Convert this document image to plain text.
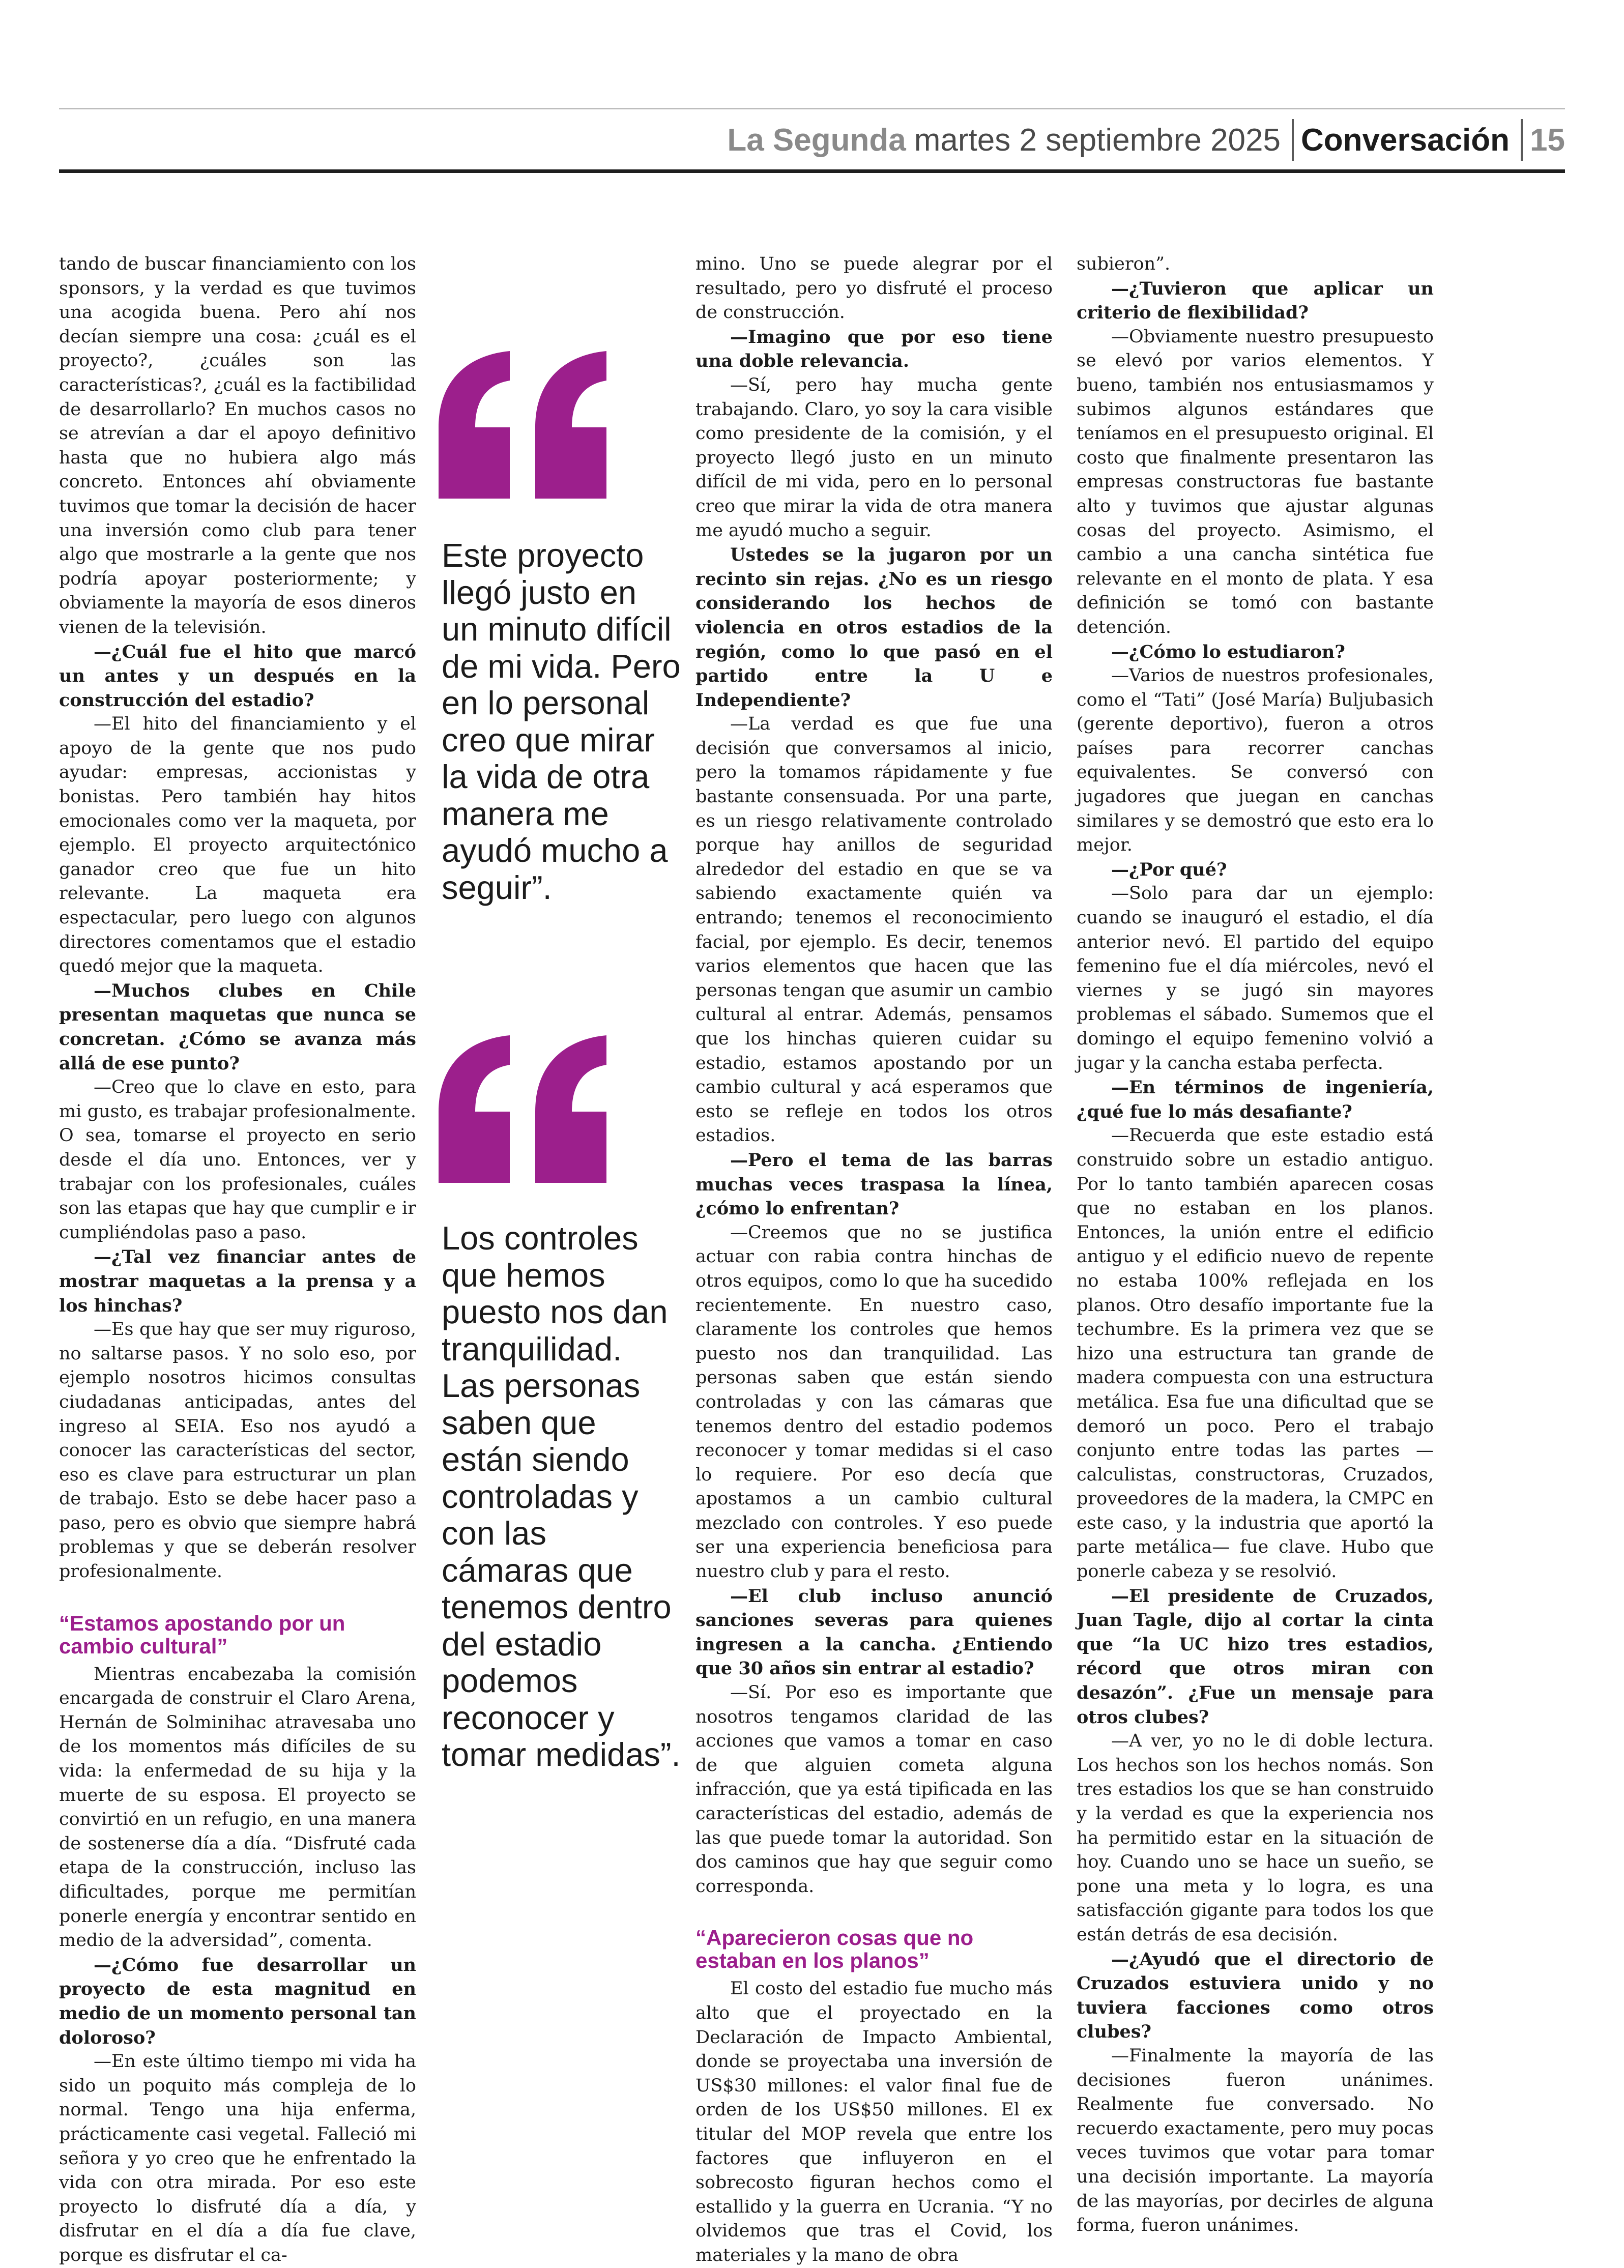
La Segunda martes 2 septiembre 2025 Conversación 15

tando de buscar financiamiento con los sponsors, y la verdad es que tuvimos una acogida buena. Pero ahí nos decían siempre una cosa: ¿cuál es el proyecto?, ¿cuáles son las características?, ¿cuál es la factibilidad de desarrollarlo? En muchos casos no se atrevían a dar el apoyo definitivo hasta que no hubiera algo más concreto. Entonces ahí obviamente tuvimos que tomar la decisión de hacer una inversión como club para tener algo que mostrarle a la gente que nos podría apoyar posteriormente; y obviamente la mayoría de esos dineros vienen de la televisión.

—¿Cuál fue el hito que marcó un antes y un después en la construcción del estadio?

—El hito del financiamiento y el apoyo de la gente que nos pudo ayudar: empresas, accionistas y bonistas. Pero también hay hitos emocionales como ver la maqueta, por ejemplo. El proyecto arquitectónico ganador creo que fue un hito relevante. La maqueta era espectacular, pero luego con algunos directores comentamos que el estadio quedó mejor que la maqueta.

—Muchos clubes en Chile presentan maquetas que nunca se concretan. ¿Cómo se avanza más allá de ese punto?

—Creo que lo clave en esto, para mi gusto, es trabajar profesionalmente. O sea, tomarse el proyecto en serio desde el día uno. Entonces, ver y trabajar con los profesionales, cuáles son las etapas que hay que cumplir e ir cumpliéndolas paso a paso.

—¿Tal vez financiar antes de mostrar maquetas a la prensa y a los hinchas?

—Es que hay que ser muy riguroso, no saltarse pasos. Y no solo eso, por ejemplo nosotros hicimos consultas ciudadanas anticipadas, antes del ingreso al SEIA. Eso nos ayudó a conocer las características del sector, eso es clave para estructurar un plan de trabajo. Esto se debe hacer paso a paso, pero es obvio que siempre habrá problemas y que se deberán resolver profesionalmente.

“Estamos apostando por un cambio cultural”

Mientras encabezaba la comisión encargada de construir el Claro Arena, Hernán de Solminihac atravesaba uno de los momentos más difíciles de su vida: la enfermedad de su hija y la muerte de su esposa. El proyecto se convirtió en un refugio, en una manera de sostenerse día a día. “Disfruté cada etapa de la construcción, incluso las dificultades, porque me permitían ponerle energía y encontrar sentido en medio de la adversidad”, comenta.

—¿Cómo fue desarrollar un proyecto de esta magnitud en medio de un momento personal tan doloroso?

—En este último tiempo mi vida ha sido un poquito más compleja de lo normal. Tengo una hija enferma, prácticamente casi vegetal. Falleció mi señora y yo creo que he enfrentado la vida con otra mirada. Por eso este proyecto lo disfruté día a día, y disfrutar en el día a día fue clave, porque es disfrutar el ca-

Este proyecto llegó justo en un minuto difícil de mi vida. Pero en lo personal creo que mirar la vida de otra manera me ayudó mucho a seguir”.
Los controles que hemos puesto nos dan tranquilidad. Las personas saben que están siendo controladas y con las cámaras que tenemos dentro del estadio podemos reconocer y tomar medidas”.

mino. Uno se puede alegrar por el resultado, pero yo disfruté el proceso de construcción.

—Imagino que por eso tiene una doble relevancia.

—Sí, pero hay mucha gente trabajando. Claro, yo soy la cara visible como presidente de la comisión, y el proyecto llegó justo en un minuto difícil de mi vida, pero en lo personal creo que mirar la vida de otra manera me ayudó mucho a seguir.

Ustedes se la jugaron por un recinto sin rejas. ¿No es un riesgo considerando los hechos de violencia en otros estadios de la región, como lo que pasó en el partido entre la U e Independiente?

—La verdad es que fue una decisión que conversamos al inicio, pero la tomamos rápidamente y fue bastante consensuada. Por una parte, es un riesgo relativamente controlado porque hay anillos de seguridad alrededor del estadio en que se va sabiendo exactamente quién va entrando; tenemos el reconocimiento facial, por ejemplo. Es decir, tenemos varios elementos que hacen que las personas tengan que asumir un cambio cultural al entrar. Además, pensamos que los hinchas quieren cuidar su estadio, estamos apostando por un cambio cultural y acá esperamos que esto se refleje en todos los otros estadios.

—Pero el tema de las barras muchas veces traspasa la línea, ¿cómo lo enfrentan?

—Creemos que no se justifica actuar con rabia contra hinchas de otros equipos, como lo que ha sucedido recientemente. En nuestro caso, claramente los controles que hemos puesto nos dan tranquilidad. Las personas saben que están siendo controladas y con las cámaras que tenemos dentro del estadio podemos reconocer y tomar medidas si el caso lo requiere. Por eso decía que apostamos a un cambio cultural mezclado con controles. Y eso puede ser una experiencia beneficiosa para nuestro club y para el resto.

—El club incluso anunció sanciones severas para quienes ingresen a la cancha. ¿Entiendo que 30 años sin entrar al estadio?

—Sí. Por eso es importante que nosotros tengamos claridad de las acciones que vamos a tomar en caso de que alguien cometa alguna infracción, que ya está tipificada en las características del estadio, además de las que puede tomar la autoridad. Son dos caminos que hay que seguir como corresponda.

“Aparecieron cosas que no estaban en los planos”

El costo del estadio fue mucho más alto que el proyectado en la Declaración de Impacto Ambiental, donde se proyectaba una inversión de US$30 millones: el valor final fue de orden de los US$50 millones. El ex titular del MOP revela que entre los factores que influyeron en el sobrecosto figuran hechos como el estallido y la guerra en Ucrania. “Y no olvidemos que tras el Covid, los materiales y la mano de obra

subieron”.

—¿Tuvieron que aplicar un criterio de flexibilidad?

—Obviamente nuestro presupuesto se elevó por varios elementos. Y bueno, también nos entusiasmamos y subimos algunos estándares que teníamos en el presupuesto original. El costo que finalmente presentaron las empresas constructoras fue bastante alto y tuvimos que ajustar algunas cosas del proyecto. Asimismo, el cambio a una cancha sintética fue relevante en el monto de plata. Y esa definición se tomó con bastante detención.

—¿Cómo lo estudiaron?

—Varios de nuestros profesionales, como el “Tati” (José María) Buljubasich (gerente deportivo), fueron a otros países para recorrer canchas equivalentes. Se conversó con jugadores que juegan en canchas similares y se demostró que esto era lo mejor.

—¿Por qué?

—Solo para dar un ejemplo: cuando se inauguró el estadio, el día anterior nevó. El partido del equipo femenino fue el día miércoles, nevó el viernes y se jugó sin mayores problemas el sábado. Sumemos que el domingo el equipo femenino volvió a jugar y la cancha estaba perfecta.

—En términos de ingeniería, ¿qué fue lo más desafiante?

—Recuerda que este estadio está construido sobre un estadio antiguo. Por lo tanto también aparecen cosas que no estaban en los planos. Entonces, la unión entre el edificio antiguo y el edificio nuevo de repente no estaba 100% reflejada en los planos. Otro desafío importante fue la techumbre. Es la primera vez que se hizo una estructura tan grande de madera compuesta con una estructura metálica. Esa fue una dificultad que se demoró un poco. Pero el trabajo conjunto entre todas las partes —calculistas, constructoras, Cruzados, proveedores de la madera, la CMPC en este caso, y la industria que aportó la parte metálica— fue clave. Hubo que ponerle cabeza y se resolvió.

—El presidente de Cruzados, Juan Tagle, dijo al cortar la cinta que “la UC hizo tres estadios, récord que otros miran con desazón”. ¿Fue un mensaje para otros clubes?

—A ver, yo no le di doble lectura. Los hechos son los hechos nomás. Son tres estadios los que se han construido y la verdad es que la experiencia nos ha permitido estar en la situación de hoy. Cuando uno se hace un sueño, se pone una meta y lo logra, es una satisfacción gigante para todos los que están detrás de esa decisión.

—¿Ayudó que el directorio de Cruzados estuviera unido y no tuviera facciones como otros clubes?

—Finalmente la mayoría de las decisiones fueron unánimes. Realmente fue conversado. No recuerdo exactamente, pero muy pocas veces tuvimos que votar para tomar una decisión importante. La mayoría de las mayorías, por decirles de alguna forma, fueron unánimes.
